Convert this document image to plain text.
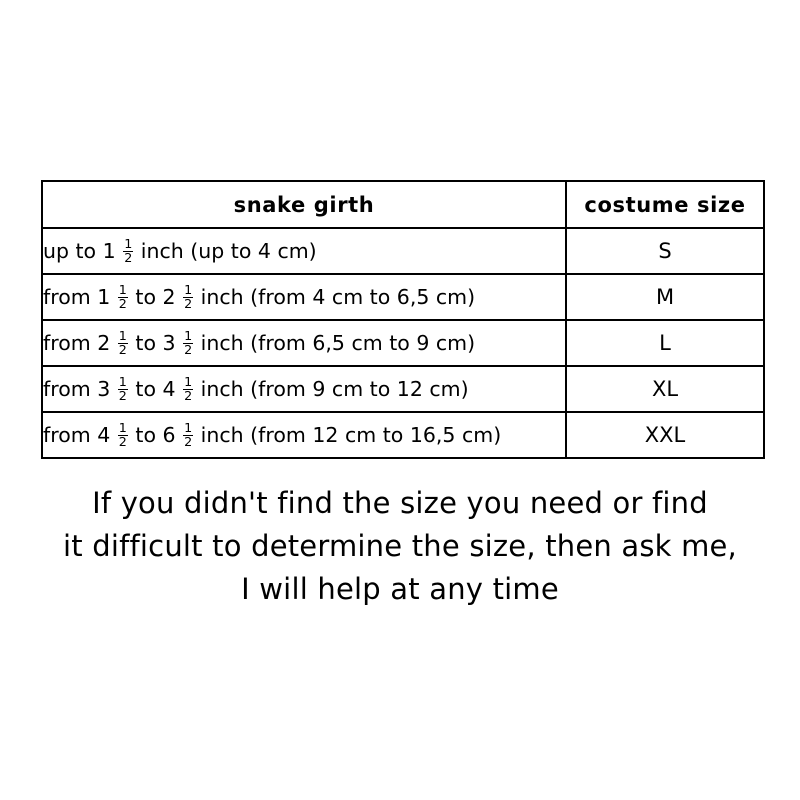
snake girth	costume size
up to $1 \frac{1}{2}$ inch (up to 4 cm)	S
from $1 \frac{1}{2}$ to $2 \frac{1}{2}$ inch (from 4 cm to 6,5 cm)	M
from $2 \frac{1}{2}$ to $3 \frac{1}{2}$ inch (from 6,5 cm to 9 cm)	L
from $3 \frac{1}{2}$ to $4 \frac{1}{2}$ inch (from 9 cm to 12 cm)	XL
from $4 \frac{1}{2}$ to $6 \frac{1}{2}$ inch (from 12 cm to 16,5 cm)	XXL
If you didn't find the size you need or find
it difficult to determine the size, then ask me,
I will help at any time
